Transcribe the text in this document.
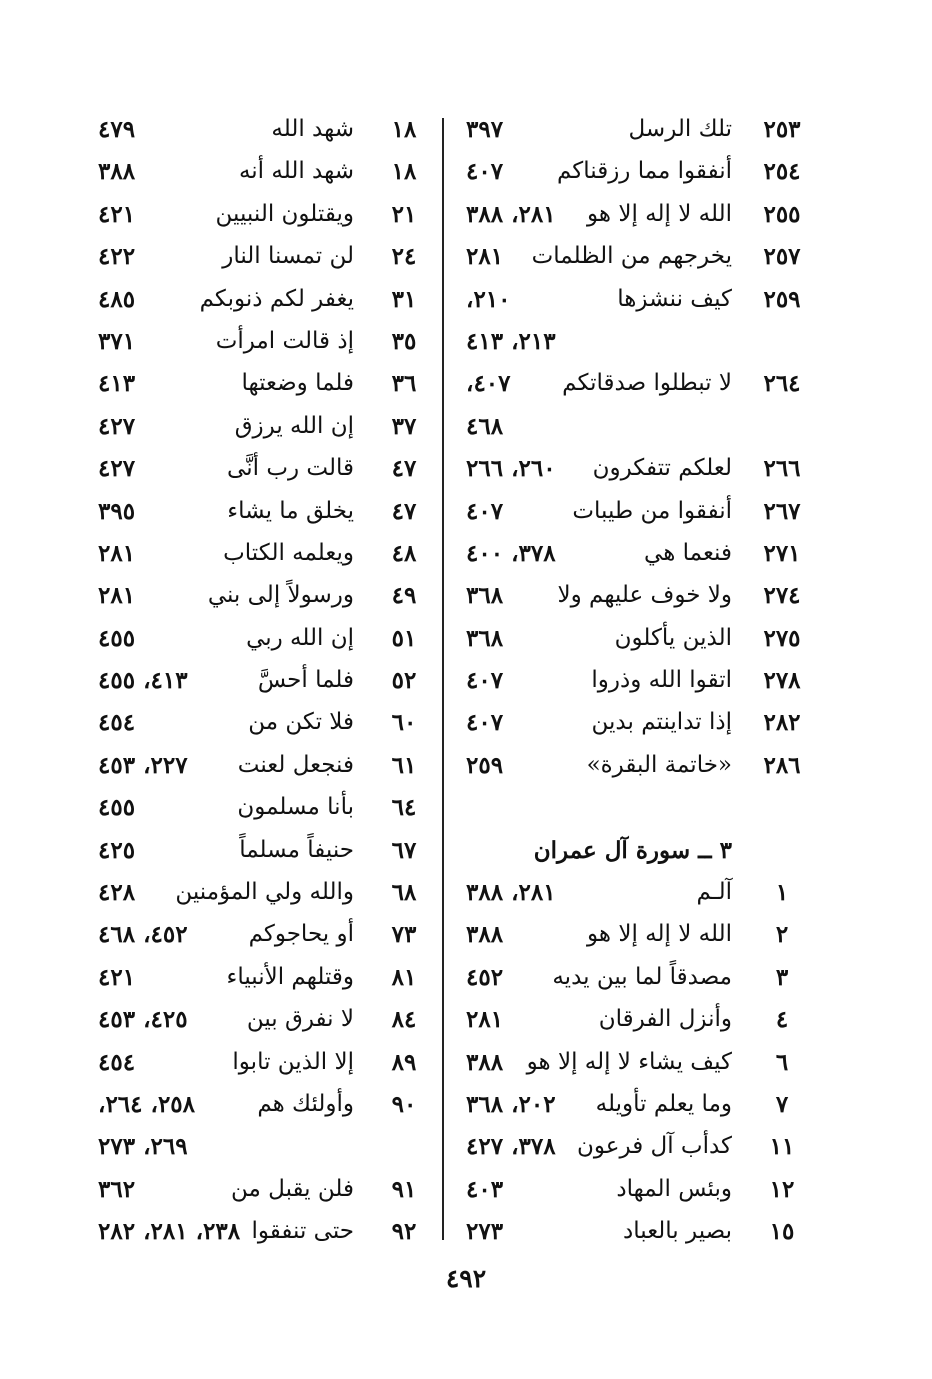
٢٥٣
تلك الرسل
٣٩٧
٢٥٤
أنفقوا مما رزقناكم
٤٠٧
٢٥٥
الله لا إله إلا هو
٢٨١، ٣٨٨
٢٥٧
يخرجهم من الظلمات
٢٨١
٢٥٩
كيف ننشزها
٢١٠،
٢١٣، ٤١٣
٢٦٤
لا تبطلوا صدقاتكم
٤٠٧،
٤٦٨
٢٦٦
لعلكم تتفكرون
٢٦٠، ٢٦٦
٢٦٧
أنفقوا من طيبات
٤٠٧
٢٧١
فنعما هي
٣٧٨، ٤٠٠
٢٧٤
ولا خوف عليهم ولا
٣٦٨
٢٧٥
الذين يأكلون
٣٦٨
٢٧٨
اتقوا الله وذروا
٤٠٧
٢٨٢
إذا تداينتم بدين
٤٠٧
٢٨٦
«خاتمة البقرة»
٢٥٩
٣ ــ سورة آل عمران
١
آلـم
٢٨١، ٣٨٨
٢
الله لا إله إلا هو
٣٨٨
٣
مصدقاً لما بين يديه
٤٥٢
٤
وأنزل الفرقان
٢٨١
٦
كيف يشاء لا إله إلا هو
٣٨٨
٧
وما يعلم تأويله
٢٠٢، ٣٦٨
١١
كدأب آل فرعون
٣٧٨، ٤٢٧
١٢
وبئس المهاد
٤٠٣
١٥
بصير بالعباد
٢٧٣
١٨
شهد الله
٤٧٩
١٨
شهد الله أنه
٣٨٨
٢١
ويقتلون النبيين
٤٢١
٢٤
لن تمسنا النار
٤٢٢
٣١
يغفر لكم ذنوبكم
٤٨٥
٣٥
إذ قالت امرأت
٣٧١
٣٦
فلما وضعتها
٤١٣
٣٧
إن الله يرزق
٤٢٧
٤٧
قالت رب أنَّى
٤٢٧
٤٧
يخلق ما يشاء
٣٩٥
٤٨
ويعلمه الكتاب
٢٨١
٤٩
ورسولاً إلى بني
٢٨١
٥١
إن الله ربي
٤٥٥
٥٢
فلما أحسَّ
٤١٣، ٤٥٥
٦٠
فلا تكن من
٤٥٤
٦١
فنجعل لعنت
٢٢٧، ٤٥٣
٦٤
بأنا مسلمون
٤٥٥
٦٧
حنيفاً مسلماً
٤٢٥
٦٨
والله ولي المؤمنين
٤٢٨
٧٣
أو يحاجوكم
٤٥٢، ٤٦٨
٨١
وقتلهم الأنبياء
٤٢١
٨٤
لا نفرق بين
٤٢٥، ٤٥٣
٨٩
إلا الذين تابوا
٤٥٤
٩٠
وأولئك هم
٢٥٨، ٢٦٤،
٢٦٩، ٢٧٣
٩١
فلن يقبل من
٣٦٢
٩٢
حتى تنفقوا
٢٣٨، ٢٨١، ٢٨٢
٤٩٢
